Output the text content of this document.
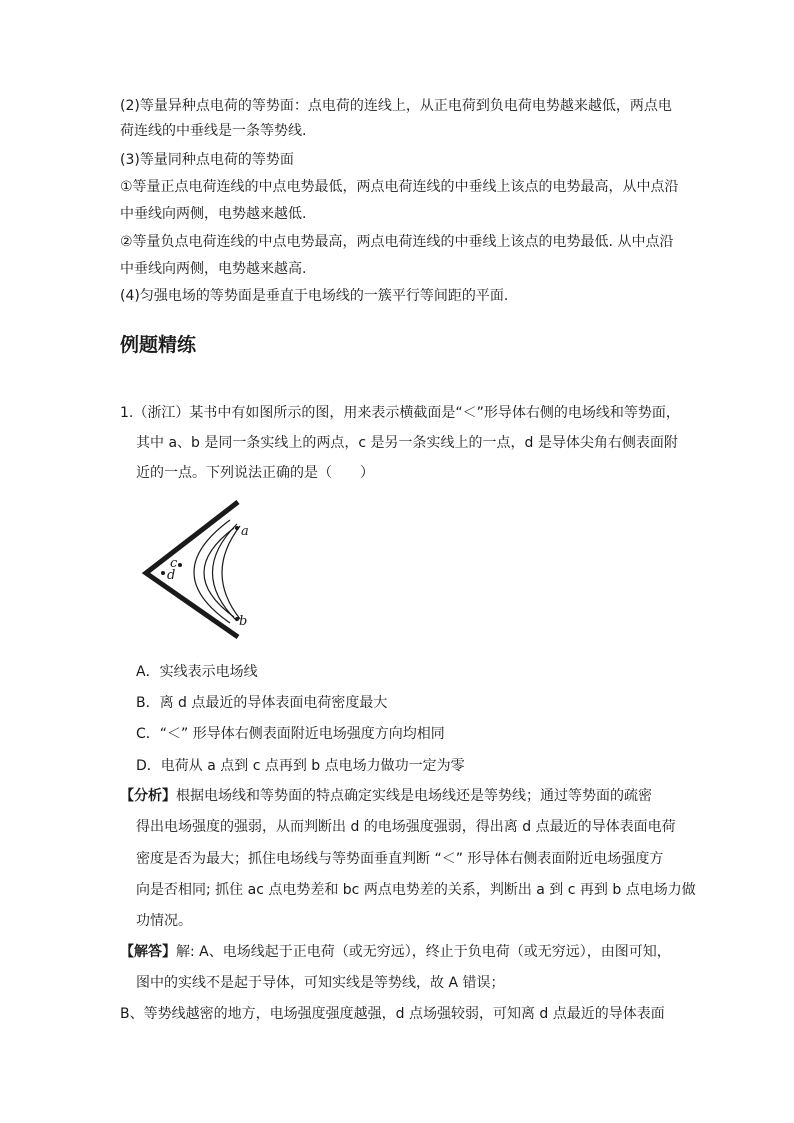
(2)等量异种点电荷的等势面：点电荷的连线上，从正电荷到负电荷电势越来越低，两点电
荷连线的中垂线是一条等势线.
(3)等量同种点电荷的等势面
①等量正点电荷连线的中点电势最低，两点电荷连线的中垂线上该点的电势最高，从中点沿
中垂线向两侧，电势越来越低.
②等量负点电荷连线的中点电势最高，两点电荷连线的中垂线上该点的电势最低. 从中点沿
中垂线向两侧，电势越来越高.
(4)匀强电场的等势面是垂直于电场线的一簇平行等间距的平面.
例题精练
1.（浙江）某书中有如图所示的图，用来表示横截面是“＜”形导体右侧的电场线和等势面，
其中 a、b 是同一条实线上的两点，c 是另一条实线上的一点，d 是导体尖角右侧表面附
近的一点。下列说法正确的是（　　）
a
b
c
d
A．实线表示电场线
B．离 d 点最近的导体表面电荷密度最大
C．“＜” 形导体右侧表面附近电场强度方向均相同
D．电荷从 a 点到 c 点再到 b 点电场力做功一定为零
【分析】根据电场线和等势面的特点确定实线是电场线还是等势线；通过等势面的疏密
得出电场强度的强弱，从而判断出 d 的电场强度强弱，得出离 d 点最近的导体表面电荷
密度是否为最大；抓住电场线与等势面垂直判断 “＜” 形导体右侧表面附近电场强度方
向是否相同; 抓住 ac 点电势差和 bc 两点电势差的关系，判断出 a 到 c 再到 b 点电场力做
功情况。
【解答】解: A、电场线起于正电荷（或无穷远），终止于负电荷（或无穷远），由图可知，
图中的实线不是起于导体，可知实线是等势线，故 A 错误；
B、等势线越密的地方，电场强度强度越强，d 点场强较弱，可知离 d 点最近的导体表面
